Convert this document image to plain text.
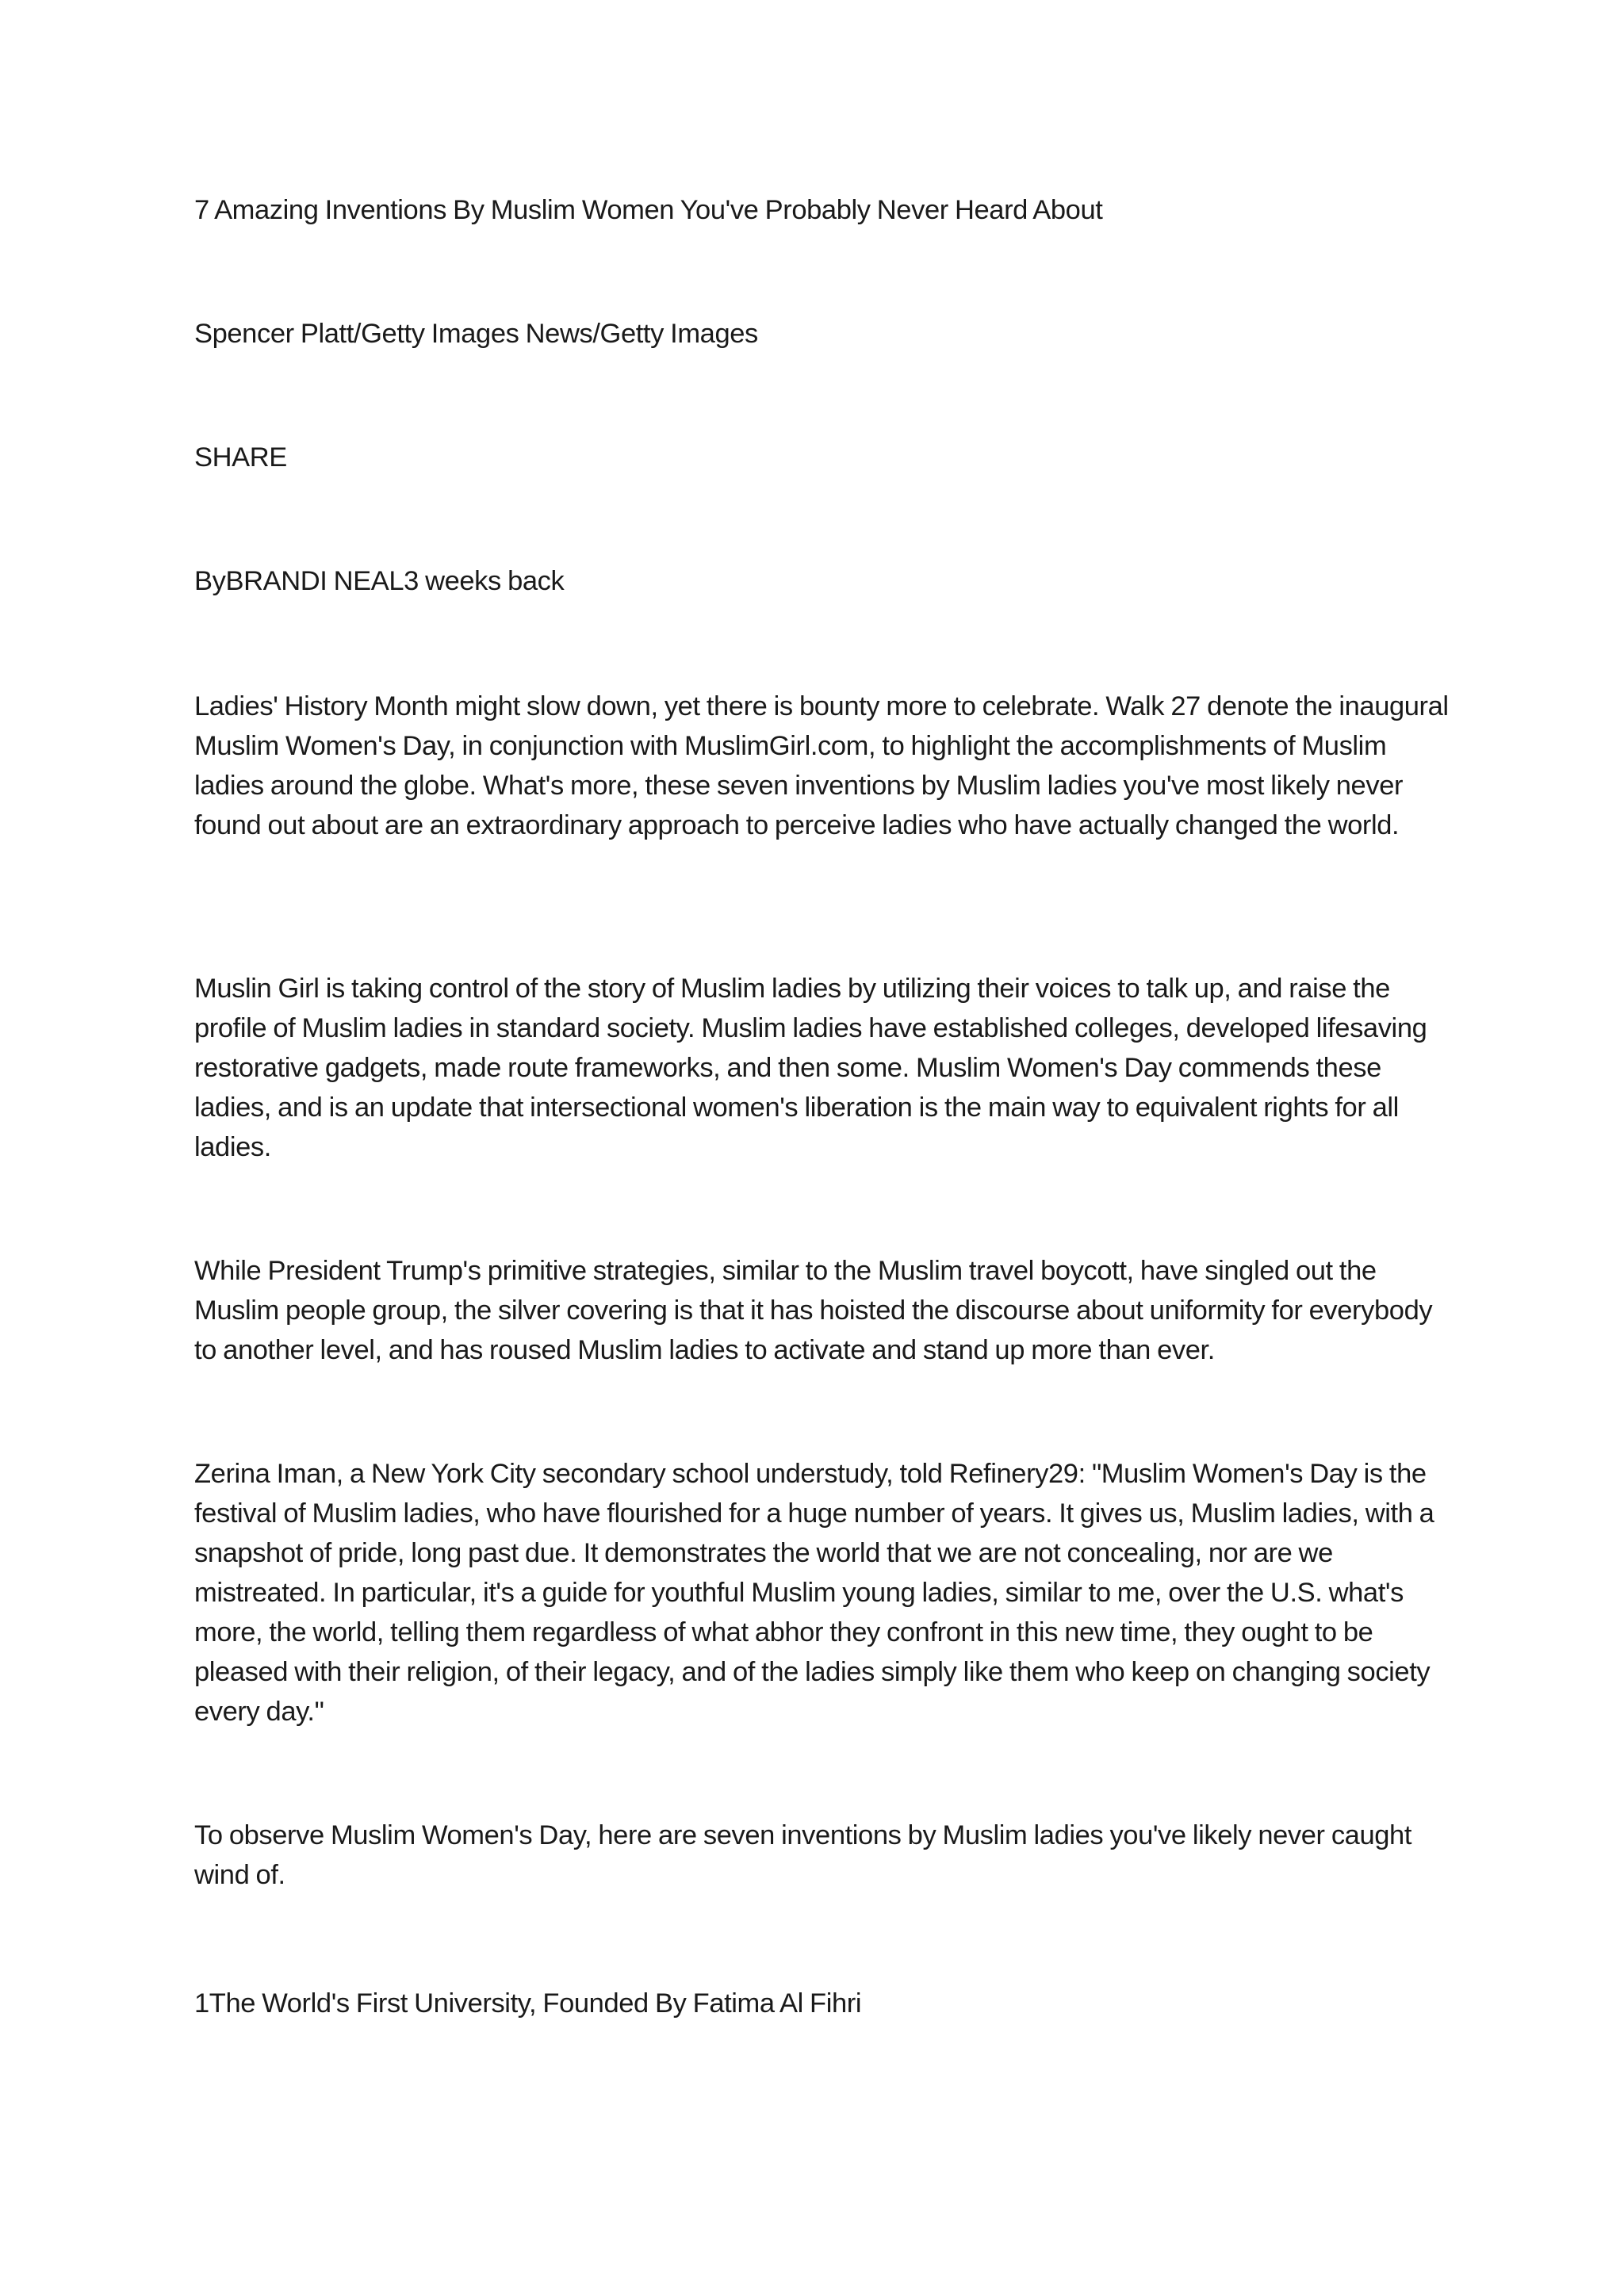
7 Amazing Inventions By Muslim Women You've Probably Never Heard About

Spencer Platt/Getty Images News/Getty Images

SHARE

ByBRANDI NEAL3 weeks back

Ladies' History Month might slow down, yet there is bounty more to celebrate. Walk 27 denote the inaugural Muslim Women's Day, in conjunction with MuslimGirl.com, to highlight the accomplishments of Muslim ladies around the globe. What's more, these seven inventions by Muslim ladies you've most likely never found out about are an extraordinary approach to perceive ladies who have actually changed the world.

Muslin Girl is taking control of the story of Muslim ladies by utilizing their voices to talk up, and raise the profile of Muslim ladies in standard society. Muslim ladies have established colleges, developed lifesaving restorative gadgets, made route frameworks, and then some. Muslim Women's Day commends these ladies, and is an update that intersectional women's liberation is the main way to equivalent rights for all ladies.

While President Trump's primitive strategies, similar to the Muslim travel boycott, have singled out the Muslim people group, the silver covering is that it has hoisted the discourse about uniformity for everybody to another level, and has roused Muslim ladies to activate and stand up more than ever.

Zerina Iman, a New York City secondary school understudy, told Refinery29: "Muslim Women's Day is the festival of Muslim ladies, who have flourished for a huge number of years. It gives us, Muslim ladies, with a snapshot of pride, long past due. It demonstrates the world that we are not concealing, nor are we mistreated. In particular, it's a guide for youthful Muslim young ladies, similar to me, over the U.S. what's more, the world, telling them regardless of what abhor they confront in this new time, they ought to be pleased with their religion, of their legacy, and of the ladies simply like them who keep on changing society every day."

To observe Muslim Women's Day, here are seven inventions by Muslim ladies you've likely never caught wind of.

1The World's First University, Founded By Fatima Al Fihri
